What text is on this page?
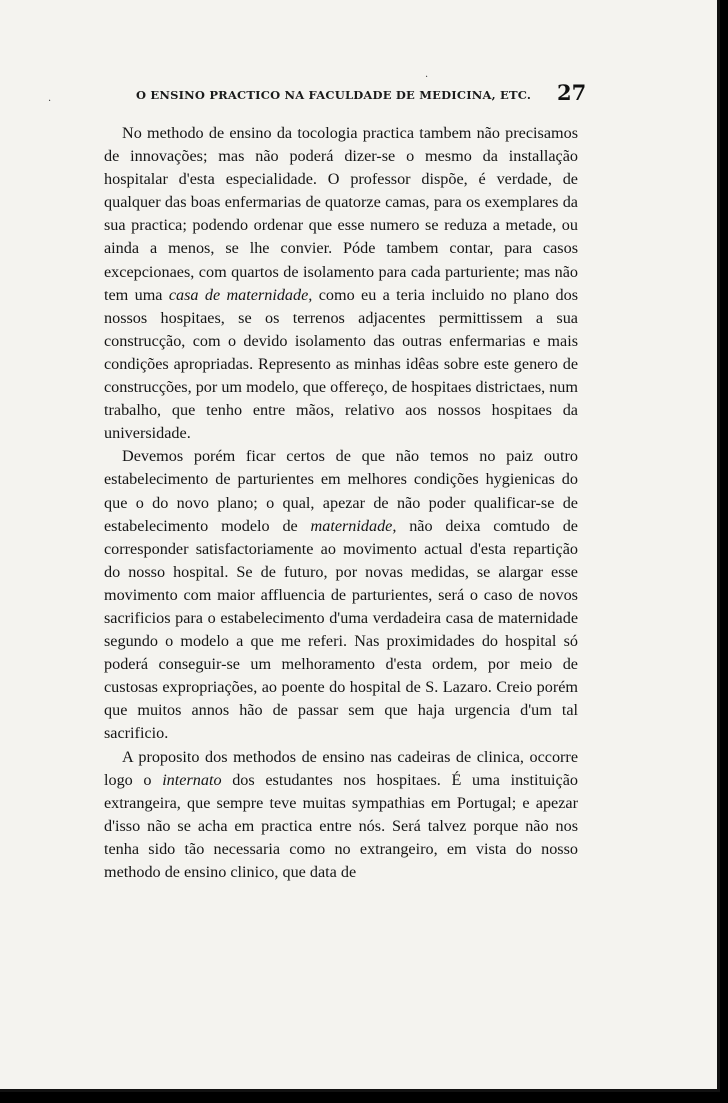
·
·
O ENSINO PRACTICO NA FACULDADE DE MEDICINA, ETC.	27

No methodo de ensino da tocologia practica tambem não precisamos de innovações; mas não poderá dizer-se o mesmo da installação hospitalar d'esta especialidade. O professor dispõe, é verdade, de qualquer das boas enfermarias de quatorze camas, para os exemplares da sua practica; podendo ordenar que esse numero se reduza a metade, ou ainda a menos, se lhe convier. Póde tambem contar, para casos excepcionaes, com quartos de isolamento para cada parturiente; mas não tem uma casa de maternidade, como eu a teria incluido no plano dos nossos hospitaes, se os terrenos adjacentes permittissem a sua construcção, com o devido isolamento das outras enfermarias e mais condições apropriadas. Represento as minhas idêas sobre este genero de construcções, por um modelo, que offereço, de hospitaes districtaes, num trabalho, que tenho entre mãos, relativo aos nossos hospitaes da universidade.

Devemos porém ficar certos de que não temos no paiz outro estabelecimento de parturientes em melhores condições hygienicas do que o do novo plano; o qual, apezar de não poder qualificar-se de estabelecimento modelo de maternidade, não deixa comtudo de corresponder satisfactoriamente ao movimento actual d'esta repartição do nosso hospital. Se de futuro, por novas medidas, se alargar esse movimento com maior affluencia de parturientes, será o caso de novos sacrificios para o estabelecimento d'uma verdadeira casa de maternidade segundo o modelo a que me referi. Nas proximidades do hospital só poderá conseguir-se um melhoramento d'esta ordem, por meio de custosas expropriações, ao poente do hospital de S. Lazaro. Creio porém que muitos annos hão de passar sem que haja urgencia d'um tal sacrificio.

A proposito dos methodos de ensino nas cadeiras de clinica, occorre logo o internato dos estudantes nos hospitaes. É uma instituição extrangeira, que sempre teve muitas sympathias em Portugal; e apezar d'isso não se acha em practica entre nós. Será talvez porque não nos tenha sido tão necessaria como no extrangeiro, em vista do nosso methodo de ensino clinico, que data de
